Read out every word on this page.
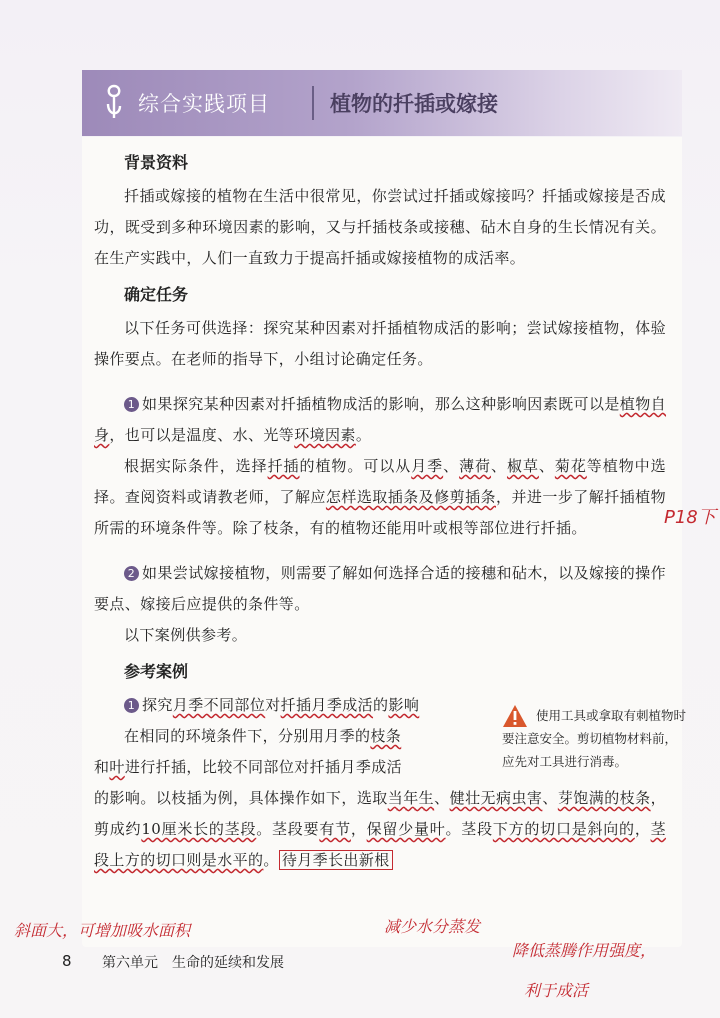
综合实践项目	植物的扦插或嫁接
背景资料

扦插或嫁接的植物在生活中很常见，你尝试过扦插或嫁接吗？扦插或嫁接是否成功，既受到多种环境因素的影响，又与扦插枝条或接穗、砧木自身的生长情况有关。在生产实践中，人们一直致力于提高扦插或嫁接植物的成活率。

确定任务

以下任务可供选择：探究某种因素对扦插植物成活的影响；尝试嫁接植物，体验操作要点。在老师的指导下，小组讨论确定任务。

1 如果探究某种因素对扦插植物成活的影响，那么这种影响因素既可以是植物自身，也可以是温度、水、光等环境因素。

根据实际条件，选择扦插的植物。可以从月季、薄荷、椒草、菊花等植物中选择。查阅资料或请教老师，了解应怎样选取插条及修剪插条，并进一步了解扦插植物所需的环境条件等。除了枝条，有的植物还能用叶或根等部位进行扦插。

2 如果尝试嫁接植物，则需要了解如何选择合适的接穗和砧木，以及嫁接的操作要点、嫁接后应提供的条件等。

以下案例供参考。

参考案例

1 探究月季不同部位对扦插月季成活的影响

在相同的环境条件下，分别用月季的枝条

和叶进行扦插，比较不同部位对扦插月季成活

的影响。以枝插为例，具体操作如下，选取当年生、健壮无病虫害、芽饱满的枝条，剪成约10厘米长的茎段。茎段要有节，保留少量叶。茎段下方的切口是斜向的，茎段上方的切口则是水平的。 待月季长出新根

使用工具或拿取有刺植物时要注意安全。剪切植物材料前，应先对工具进行消毒。
P18下
斜面大，可增加吸水面积	减少水分蒸发
降低蒸腾作用强度，
利于成活
8 第六单元　生命的延续和发展
